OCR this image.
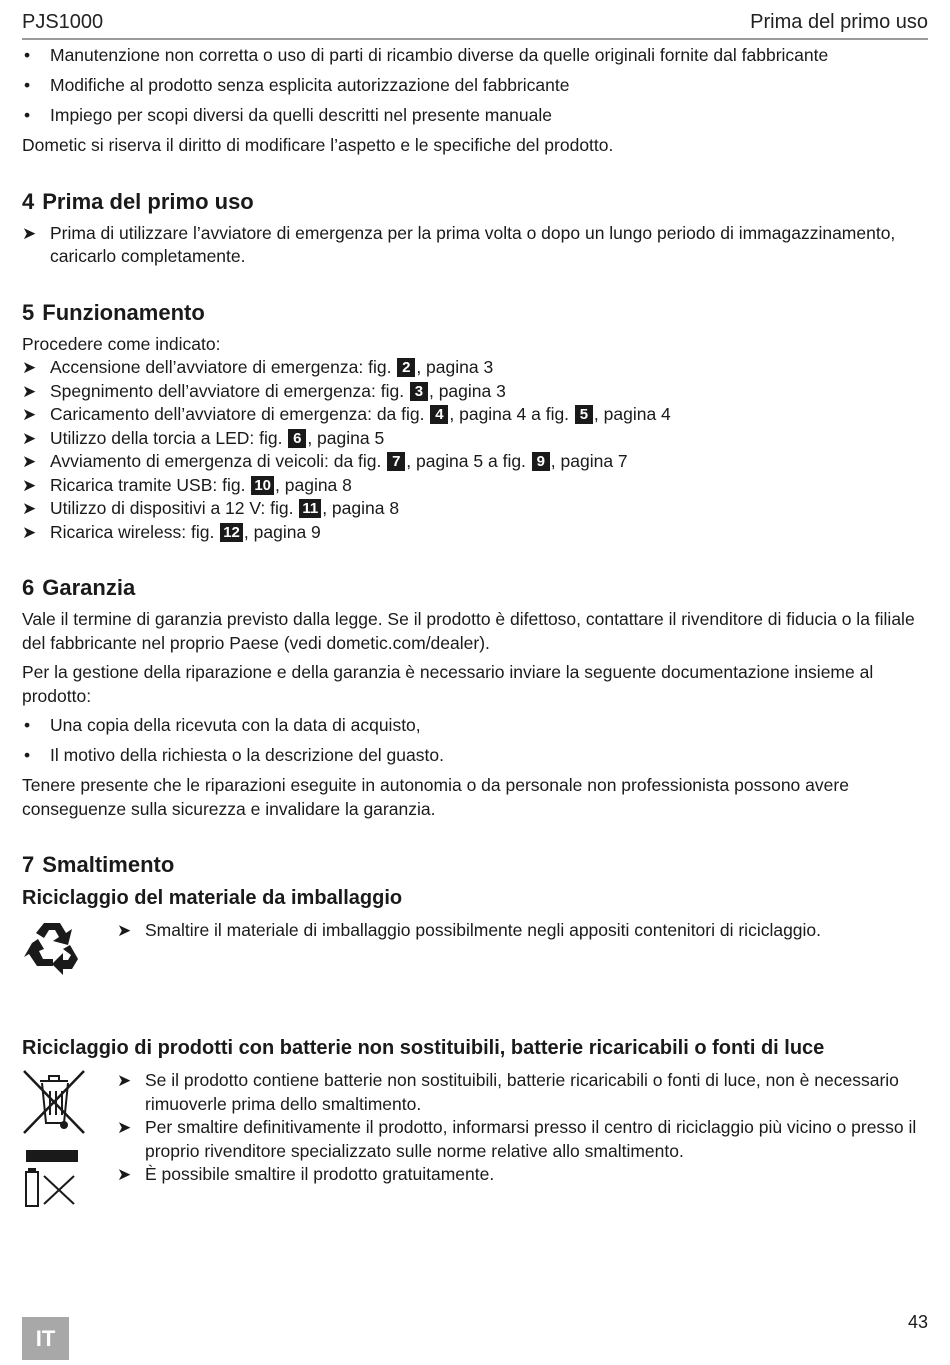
PJS1000	Prima del primo uso
• Manutenzione non corretta o uso di parti di ricambio diverse da quelle originali fornite dal fabbricante
• Modifiche al prodotto senza esplicita autorizzazione del fabbricante
• Impiego per scopi diversi da quelli descritti nel presente manuale

Dometic si riserva il diritto di modificare l’aspetto e le specifiche del prodotto.

4 Prima del primo uso
➤ Prima di utilizzare l’avviatore di emergenza per la prima volta o dopo un lungo periodo di immagazzinamento, caricarlo completamente.
5 Funzionamento

Procedere come indicato:

➤ Accensione dell’avviatore di emergenza: fig. 2 , pagina 3
➤ Spegnimento dell’avviatore di emergenza: fig. 3 , pagina 3
➤ Caricamento dell’avviatore di emergenza: da fig. 4 , pagina 4 a fig. 5 , pagina 4
➤ Utilizzo della torcia a LED: fig. 6 , pagina 5
➤ Avviamento di emergenza di veicoli: da fig. 7 , pagina 5 a fig. 9 , pagina 7
➤ Ricarica tramite USB: fig. 10 , pagina 8
➤ Utilizzo di dispositivi a 12 V: fig. 11 , pagina 8
➤ Ricarica wireless: fig. 12 , pagina 9
6 Garanzia

Vale il termine di garanzia previsto dalla legge. Se il prodotto è difettoso, contattare il rivenditore di fiducia o la filiale del fabbricante nel proprio Paese (vedi dometic.com/dealer).

Per la gestione della riparazione e della garanzia è necessario inviare la seguente documentazione insieme al prodotto:

• Una copia della ricevuta con la data di acquisto,
• Il motivo della richiesta o la descrizione del guasto.

Tenere presente che le riparazioni eseguite in autonomia o da personale non professionista possono avere conseguenze sulla sicurezza e invalidare la garanzia.

7 Smaltimento
Riciclaggio del materiale da imballaggio
➤ Smaltire il materiale di imballaggio possibilmente negli appositi contenitori di riciclaggio.
Riciclaggio di prodotti con batterie non sostituibili, batterie ricaricabili o fonti di luce
➤ Se il prodotto contiene batterie non sostituibili, batterie ricaricabili o fonti di luce, non è necessario rimuoverle prima dello smaltimento.
➤ Per smaltire definitivamente il prodotto, informarsi presso il centro di riciclaggio più vicino o presso il proprio rivenditore specializzato sulle norme relative allo smaltimento.
➤ È possibile smaltire il prodotto gratuitamente.
IT
43
